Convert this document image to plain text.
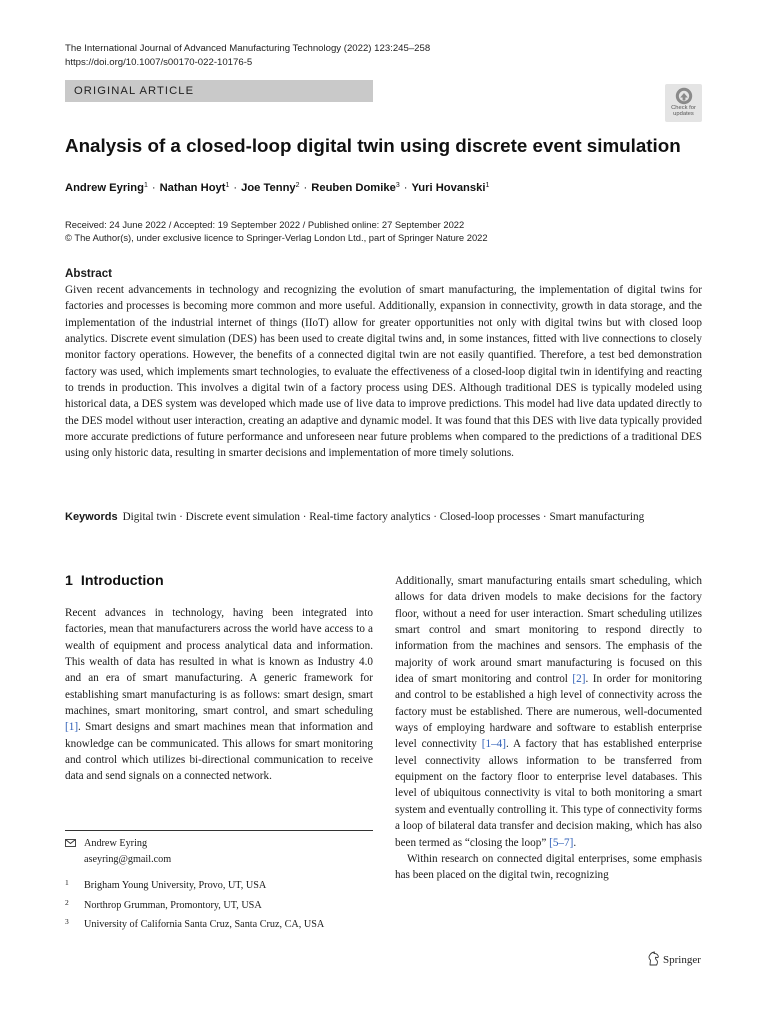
The International Journal of Advanced Manufacturing Technology (2022) 123:245–258
https://doi.org/10.1007/s00170-022-10176-5
ORIGINAL ARTICLE
Check for
updates
Analysis of a closed-loop digital twin using discrete event simulation
Andrew Eyring$^1$ · Nathan Hoyt$^1$ · Joe Tenny$^2$ · Reuben Domike$^3$ · Yuri Hovanski$^1$
Received: 24 June 2022 / Accepted: 19 September 2022 / Published online: 27 September 2022
© The Author(s), under exclusive licence to Springer-Verlag London Ltd., part of Springer Nature 2022
Abstract
Given recent advancements in technology and recognizing the evolution of smart manufacturing, the implementation of digital twins for factories and processes is becoming more common and more useful. Additionally, expansion in connectivity, growth in data storage, and the implementation of the industrial internet of things (IIoT) allow for greater opportunities not only with digital twins but with closed loop analytics. Discrete event simulation (DES) has been used to create digital twins and, in some instances, fitted with live connections to closely monitor factory operations. However, the benefits of a connected digital twin are not easily quantified. Therefore, a test bed demonstration factory was used, which implements smart technologies, to evaluate the effectiveness of a closed-loop digital twin in identifying and reacting to trends in production. This involves a digital twin of a factory process using DES. Although traditional DES is typically modeled using historical data, a DES system was developed which made use of live data to improve predictions. This model had live data updated directly to the DES model without user interaction, creating an adaptive and dynamic model. It was found that this DES with live data typically provided more accurate predictions of future performance and unforeseen near future problems when compared to the predictions of a traditional DES using only historic data, resulting in smarter decisions and implementation of more timely solutions.
Keywords Digital twin · Discrete event simulation · Real-time factory analytics · Closed-loop processes · Smart manufacturing
1 Introduction

Recent advances in technology, having been integrated into factories, mean that manufacturers across the world have access to a wealth of equipment and process analytical data and information. This wealth of data has resulted in what is known as Industry 4.0 and an era of smart manufacturing. A generic framework for establishing smart manufacturing is as follows: smart design, smart machines, smart monitoring, smart control, and smart scheduling [1]. Smart designs and smart machines mean that information and knowledge can be communicated. This allows for smart monitoring and control which utilizes bi-directional communication to receive data and send signals on a connected network.

Additionally, smart manufacturing entails smart scheduling, which allows for data driven models to make decisions for the factory floor, without a need for user interaction. Smart scheduling utilizes smart control and smart monitoring to respond directly to information from the machines and sensors. The emphasis of the majority of work around smart manufacturing is focused on this idea of smart monitoring and control [2]. In order for monitoring and control to be established a high level of connectivity across the factory must be established. There are numerous, well-documented ways of employing hardware and software to establish enterprise level connectivity [1–4]. A factory that has established enterprise level connectivity allows information to be transferred from equipment on the factory floor to enterprise level databases. This level of ubiquitous connectivity is vital to both monitoring a smart system and eventually controlling it. This type of connectivity forms a loop of bilateral data transfer and decision making, which has also been termed as “closing the loop” [5–7].

Within research on connected digital enterprises, some emphasis has been placed on the digital twin, recognizing

Andrew Eyring
aseyring@gmail.com
1 Brigham Young University, Provo, UT, USA
2 Northrop Grumman, Promontory, UT, USA
3 University of California Santa Cruz, Santa Cruz, CA, USA
Springer
